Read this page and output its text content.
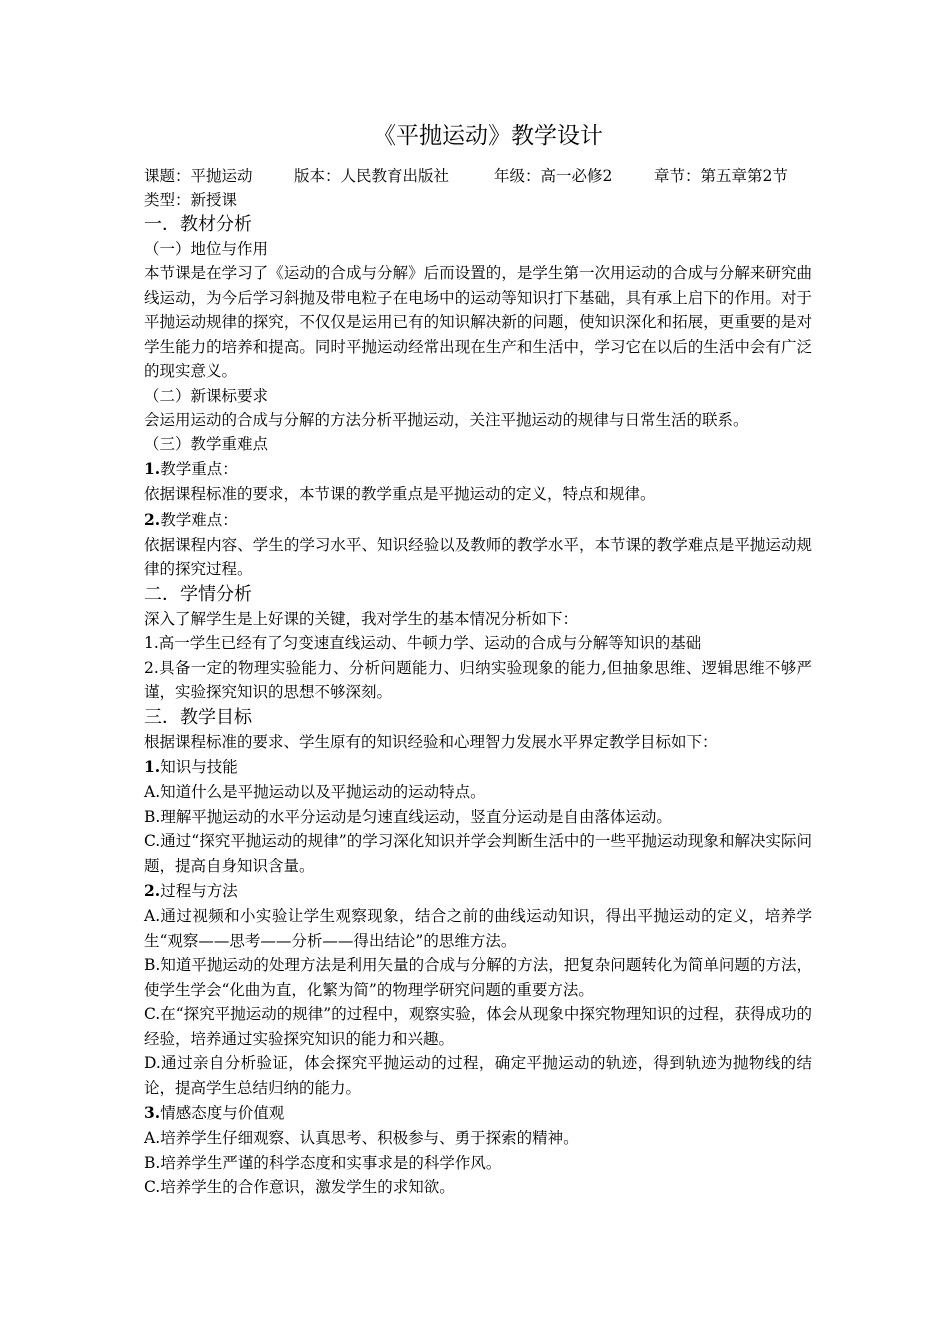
《平抛运动》教学设计
课题：平抛运动	版本：人民教育出版社	年级：高一必修2	章节：第五章第2节
类型：新授课
一．教材分析
（一）地位与作用
本节课是在学习了《运动的合成与分解》后而设置的，是学生第一次用运动的合成与分解来研究曲线运动，为今后学习斜抛及带电粒子在电场中的运动等知识打下基础，具有承上启下的作用。对于平抛运动规律的探究，不仅仅是运用已有的知识解决新的问题，使知识深化和拓展，更重要的是对学生能力的培养和提高。同时平抛运动经常出现在生产和生活中，学习它在以后的生活中会有广泛的现实意义。
（二）新课标要求
会运用运动的合成与分解的方法分析平抛运动，关注平抛运动的规律与日常生活的联系。
（三）教学重难点
1.教学重点：
依据课程标准的要求，本节课的教学重点是平抛运动的定义，特点和规律。
2.教学难点：
依据课程内容、学生的学习水平、知识经验以及教师的教学水平，本节课的教学难点是平抛运动规律的探究过程。
二．学情分析
深入了解学生是上好课的关键，我对学生的基本情况分析如下：
1.高一学生已经有了匀变速直线运动、牛顿力学、运动的合成与分解等知识的基础
2.具备一定的物理实验能力、分析问题能力、归纳实验现象的能力,但抽象思维、逻辑思维不够严谨，实验探究知识的思想不够深刻。
三．教学目标
根据课程标准的要求、学生原有的知识经验和心理智力发展水平界定教学目标如下：
1.知识与技能
A.知道什么是平抛运动以及平抛运动的运动特点。
B.理解平抛运动的水平分运动是匀速直线运动，竖直分运动是自由落体运动。
C.通过“探究平抛运动的规律”的学习深化知识并学会判断生活中的一些平抛运动现象和解决实际问题，提高自身知识含量。
2.过程与方法
A.通过视频和小实验让学生观察现象，结合之前的曲线运动知识，得出平抛运动的定义，培养学生“观察——思考——分析——得出结论”的思维方法。
B.知道平抛运动的处理方法是利用矢量的合成与分解的方法，把复杂问题转化为简单问题的方法，使学生学会“化曲为直，化繁为简”的物理学研究问题的重要方法。
C.在“探究平抛运动的规律”的过程中，观察实验，体会从现象中探究物理知识的过程，获得成功的经验，培养通过实验探究知识的能力和兴趣。
D.通过亲自分析验证，体会探究平抛运动的过程，确定平抛运动的轨迹，得到轨迹为抛物线的结论，提高学生总结归纳的能力。
3.情感态度与价值观
A.培养学生仔细观察、认真思考、积极参与、勇于探索的精神。
B.培养学生严谨的科学态度和实事求是的科学作风。
C.培养学生的合作意识，激发学生的求知欲。
